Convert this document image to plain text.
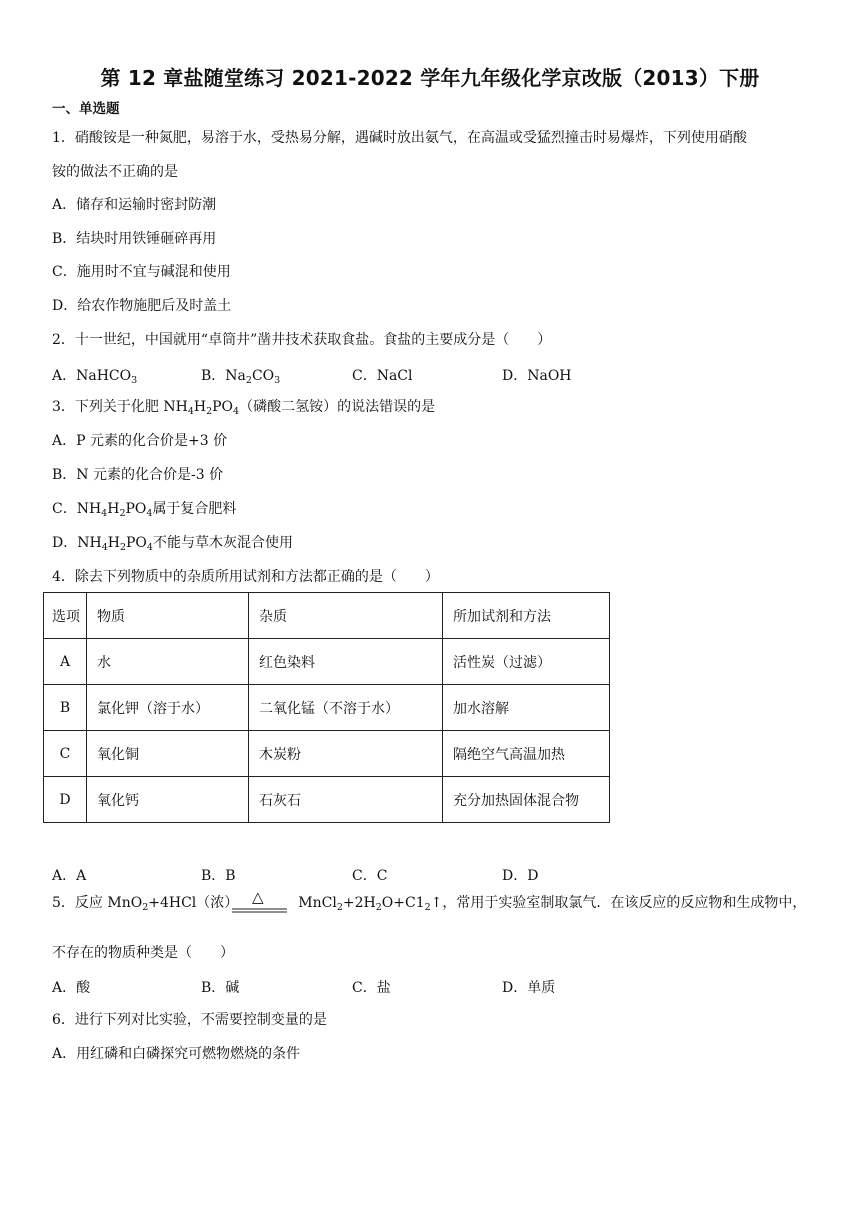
第 12 章盐随堂练习 2021-2022 学年九年级化学京改版（2013）下册
一、单选题
1．硝酸铵是一种氮肥，易溶于水，受热易分解，遇碱时放出氨气，在高温或受猛烈撞击时易爆炸，下列使用硝酸
铵的做法不正确的是
A．储存和运输时密封防潮
B．结块时用铁锤砸碎再用
C．施用时不宜与碱混和使用
D．给农作物施肥后及时盖土
2．十一世纪，中国就用“卓筒井”凿井技术获取食盐。食盐的主要成分是（　　）
A．NaHCO$_3$	B．$Na_2CO_3$	C．NaCl	D．NaOH
3．下列关于化肥 $NH_4H_2PO_4$（磷酸二氢铵）的说法错误的是
A．P 元素的化合价是+3 价
B．N 元素的化合价是-3 价
C．$NH_4H_2PO_4$属于复合肥料
D．$NH_4H_2PO_4$不能与草木灰混合使用
4．除去下列物质中的杂质所用试剂和方法都正确的是（　　）
选项	物质	杂质	所加试剂和方法
A	水	红色染料	活性炭（过滤）
B	氯化钾（溶于水）	二氧化锰（不溶于水）	加水溶解
C	氧化铜	木炭粉	隔绝空气高温加热
D	氧化钙	石灰石	充分加热固体混合物
A．A	B．B	C．C	D．D
5．反应 MnO$_2$+4HCl（浓）	$MnCl_2+2H_2O+C1_2↑$，常用于实验室制取氯气．在该反应的反应物和生成物中，
△
不存在的物质种类是（　　）
A．酸	B．碱	C．盐	D．单质
6．进行下列对比实验，不需要控制变量的是
A．用红磷和白磷探究可燃物燃烧的条件
